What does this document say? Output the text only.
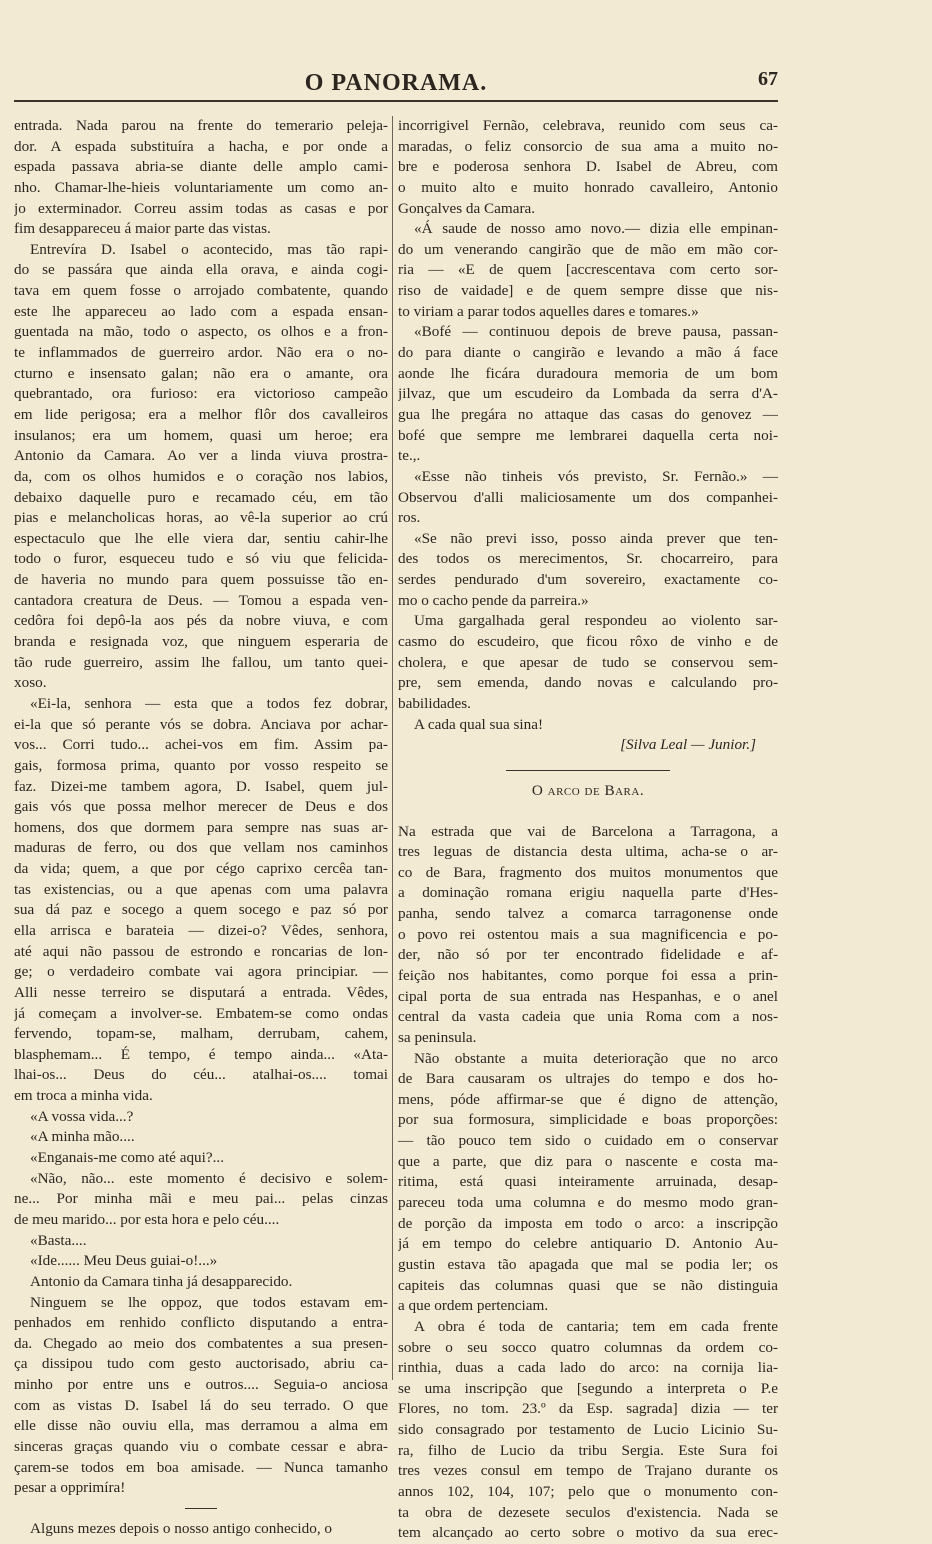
O PANORAMA.	67
entrada. Nada parou na frente do temerario peleja-
dor. A espada substituíra a hacha, e por onde a
espada passava abria-se diante delle amplo cami-
nho. Chamar-lhe-hieis voluntariamente um como an-
jo exterminador. Correu assim todas as casas e por
fim desappareceu á maior parte das vistas.
Entrevíra D. Isabel o acontecido, mas tão rapi-
do se passára que ainda ella orava, e ainda cogi-
tava em quem fosse o arrojado combatente, quando
este lhe appareceu ao lado com a espada ensan-
guentada na mão, todo o aspecto, os olhos e a fron-
te inflammados de guerreiro ardor. Não era o no-
cturno e insensato galan; não era o amante, ora
quebrantado, ora furioso: era victorioso campeão
em lide perigosa; era a melhor flôr dos cavalleiros
insulanos; era um homem, quasi um heroe; era
Antonio da Camara. Ao ver a linda viuva prostra-
da, com os olhos humidos e o coração nos labios,
debaixo daquelle puro e recamado céu, em tão
pias e melancholicas horas, ao vê-la superior ao crú
espectaculo que lhe elle viera dar, sentiu cahir-lhe
todo o furor, esqueceu tudo e só viu que felicida-
de haveria no mundo para quem possuisse tão en-
cantadora creatura de Deus. — Tomou a espada ven-
cedôra foi depô-la aos pés da nobre viuva, e com
branda e resignada voz, que ninguem esperaria de
tão rude guerreiro, assim lhe fallou, um tanto quei-
xoso.
«Ei-la, senhora — esta que a todos fez dobrar,
ei-la que só perante vós se dobra. Anciava por achar-
vos... Corri tudo... achei-vos em fim. Assim pa-
gais, formosa prima, quanto por vosso respeito se
faz. Dizei-me tambem agora, D. Isabel, quem jul-
gais vós que possa melhor merecer de Deus e dos
homens, dos que dormem para sempre nas suas ar-
maduras de ferro, ou dos que vellam nos caminhos
da vida; quem, a que por cégo caprixo cercêa tan-
tas existencias, ou a que apenas com uma palavra
sua dá paz e socego a quem socego e paz só por
ella arrisca e barateia — dizei-o? Vêdes, senhora,
até aqui não passou de estrondo e roncarias de lon-
ge; o verdadeiro combate vai agora principiar. —
Alli nesse terreiro se disputará a entrada. Vêdes,
já começam a involver-se. Embatem-se como ondas
fervendo, topam-se, malham, derrubam, cahem,
blasphemam... É tempo, é tempo ainda... «Ata-
lhai-os... Deus do céu... atalhai-os.... tomai
em troca a minha vida.
«A vossa vida...?
«A minha mão....
«Enganais-me como até aqui?...
«Não, não... este momento é decisivo e solem-
ne... Por minha mãi e meu pai... pelas cinzas
de meu marido... por esta hora e pelo céu....
«Basta....
«Ide...... Meu Deus guiai-o!...»
Antonio da Camara tinha já desapparecido.
Ninguem se lhe oppoz, que todos estavam em-
penhados em renhido conflicto disputando a entra-
da. Chegado ao meio dos combatentes a sua presen-
ça dissipou tudo com gesto auctorisado, abriu ca-
minho por entre uns e outros.... Seguia-o anciosa
com as vistas D. Isabel lá do seu terrado. O que
elle disse não ouviu ella, mas derramou a alma em
sinceras graças quando viu o combate cessar e abra-
çarem-se todos em boa amisade. — Nunca tamanho
pesar a opprimíra!
Alguns mezes depois o nosso antigo conhecido, o
incorrigivel Fernão, celebrava, reunido com seus ca-
maradas, o feliz consorcio de sua ama a muito no-
bre e poderosa senhora D. Isabel de Abreu, com
o muito alto e muito honrado cavalleiro, Antonio
Gonçalves da Camara.
«Á saude de nosso amo novo.— dizia elle empinan-
do um venerando cangirão que de mão em mão cor-
ria — «E de quem [accrescentava com certo sor-
riso de vaidade] e de quem sempre disse que nis-
to viriam a parar todos aquelles dares e tomares.»
«Bofé — continuou depois de breve pausa, passan-
do para diante o cangirão e levando a mão á face
aonde lhe ficára duradoura memoria de um bom
jilvaz, que um escudeiro da Lombada da serra d'A-
gua lhe pregára no attaque das casas do genovez —
bofé que sempre me lembrarei daquella certa noi-
te.,.
«Esse não tinheis vós previsto, Sr. Fernão.» —
Observou d'alli maliciosamente um dos companhei-
ros.
«Se não previ isso, posso ainda prever que ten-
des todos os merecimentos, Sr. chocarreiro, para
serdes pendurado d'um sovereiro, exactamente co-
mo o cacho pende da parreira.»
Uma gargalhada geral respondeu ao violento sar-
casmo do escudeiro, que ficou rôxo de vinho e de
cholera, e que apesar de tudo se conservou sem-
pre, sem emenda, dando novas e calculando pro-
babilidades.
A cada qual sua sina!
[Silva Leal — Junior.]
O arco de Bara.
Na estrada que vai de Barcelona a Tarragona, a
tres leguas de distancia desta ultima, acha-se o ar-
co de Bara, fragmento dos muitos monumentos que
a dominação romana erigiu naquella parte d'Hes-
panha, sendo talvez a comarca tarragonense onde
o povo rei ostentou mais a sua magnificencia e po-
der, não só por ter encontrado fidelidade e af-
feição nos habitantes, como porque foi essa a prin-
cipal porta de sua entrada nas Hespanhas, e o anel
central da vasta cadeia que unia Roma com a nos-
sa peninsula.
Não obstante a muita deterioração que no arco
de Bara causaram os ultrajes do tempo e dos ho-
mens, póde affirmar-se que é digno de attenção,
por sua formosura, simplicidade e boas proporções:
— tão pouco tem sido o cuidado em o conservar
que a parte, que diz para o nascente e costa ma-
ritima, está quasi inteiramente arruinada, desap-
pareceu toda uma columna e do mesmo modo gran-
de porção da imposta em todo o arco: a inscripção
já em tempo do celebre antiquario D. Antonio Au-
gustin estava tão apagada que mal se podia ler; os
capiteis das columnas quasi que se não distinguia
a que ordem pertenciam.
A obra é toda de cantaria; tem em cada frente
sobre o seu socco quatro columnas da ordem co-
rinthia, duas a cada lado do arco: na cornija lia-
se uma inscripção que [segundo a interpreta o P.e
Flores, no tom. 23.º da Esp. sagrada] dizia — ter
sido consagrado por testamento de Lucio Licinio Su-
ra, filho de Lucio da tribu Sergia. Este Sura foi
tres vezes consul em tempo de Trajano durante os
annos 102, 104, 107; pelo que o monumento con-
ta obra de dezesete seculos d'existencia. Nada se
tem alcançado ao certo sobre o motivo da sua erec-
